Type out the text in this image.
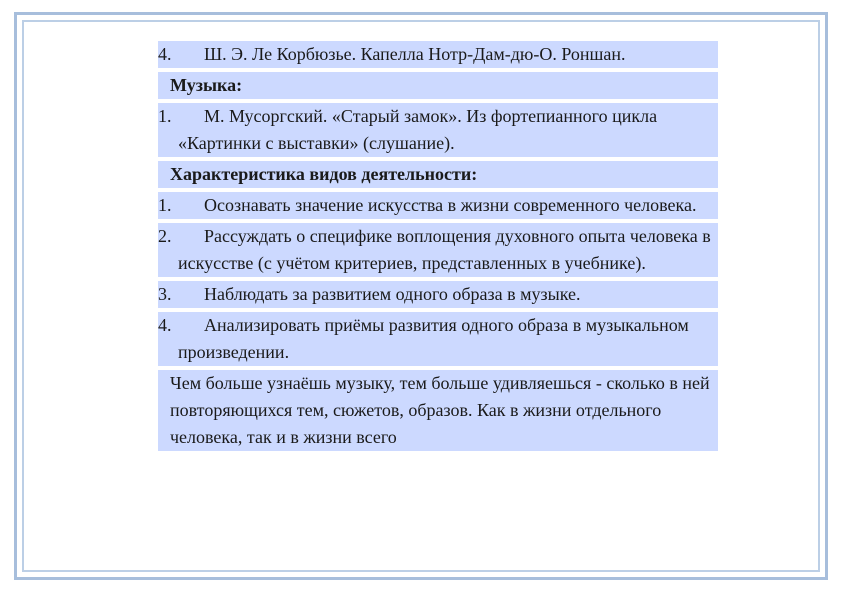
4.	Ш. Э. Ле Корбюзье. Капелла Нотр-Дам-дю-О. Роншан.
Музыка:
1.	М. Мусоргский. «Старый замок». Из фортепианного цикла «Картинки с выставки» (слушание).
Характеристика видов деятельности:
1.	Осознавать значение искусства в жизни современного человека.
2.	Рассуждать о специфике воплощения духовного опыта человека в искусстве (с учётом критериев, представленных в учебнике).
3.	Наблюдать за развитием одного образа в музыке.
4.	Анализировать приёмы развития одного образа в музыкальном произведении.
Чем больше узнаёшь музыку, тем больше удивляешься - сколько в ней повторяющихся тем, сюжетов, образов. Как в жизни отдельного человека, так и в жизни всего
